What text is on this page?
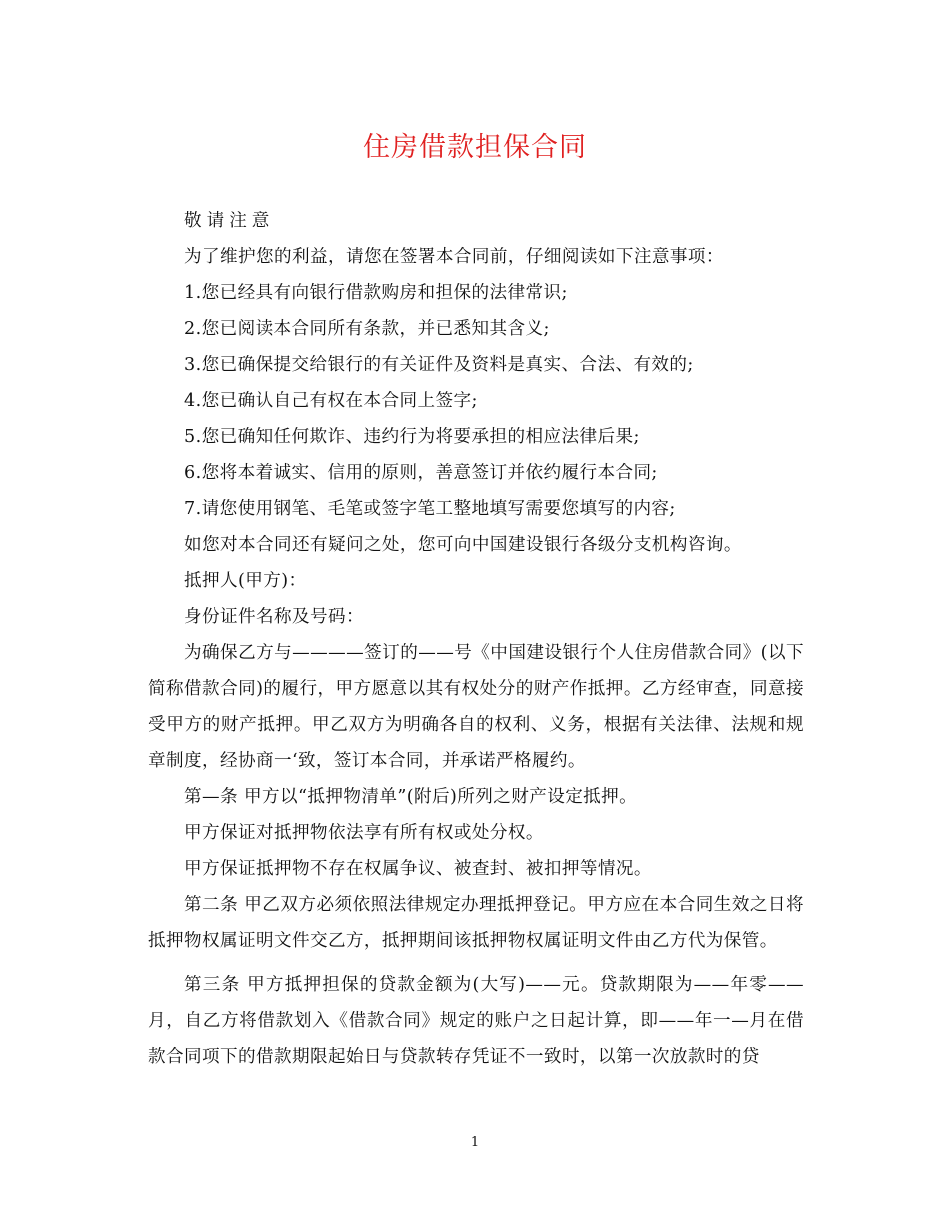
住房借款担保合同

敬请注意

为了维护您的利益，请您在签署本合同前，仔细阅读如下注意事项：

1.您已经具有向银行借款购房和担保的法律常识;

2.您已阅读本合同所有条款，并已悉知其含义;

3.您已确保提交给银行的有关证件及资料是真实、合法、有效的;

4.您已确认自己有权在本合同上签字;

5.您已确知任何欺诈、违约行为将要承担的相应法律后果;

6.您将本着诚实、信用的原则，善意签订并依约履行本合同;

7.请您使用钢笔、毛笔或签字笔工整地填写需要您填写的内容;

如您对本合同还有疑问之处，您可向中国建设银行各级分支机构咨询。

抵押人(甲方)：

身份证件名称及号码：

为确保乙方与————签订的——号《中国建设银行个人住房借款合同》(以下简称借款合同)的履行，甲方愿意以其有权处分的财产作抵押。乙方经审查，同意接受甲方的财产抵押。甲乙双方为明确各自的权利、义务，根据有关法律、法规和规章制度，经协商一‘致，签订本合同，并承诺严格履约。

第—条 甲方以“抵押物清单”(附后)所列之财产设定抵押。

甲方保证对抵押物依法享有所有权或处分权。

甲方保证抵押物不存在权属争议、被查封、被扣押等情况。

第二条 甲乙双方必须依照法律规定办理抵押登记。甲方应在本合同生效之日将抵押物权属证明文件交乙方，抵押期间该抵押物权属证明文件由乙方代为保管。

第三条 甲方抵押担保的贷款金额为(大写)——元。贷款期限为——年零——月，自乙方将借款划入《借款合同》规定的账户之日起计算，即——年一—月在借款合同项下的借款期限起始日与贷款转存凭证不一致时，以第一次放款时的贷

1
